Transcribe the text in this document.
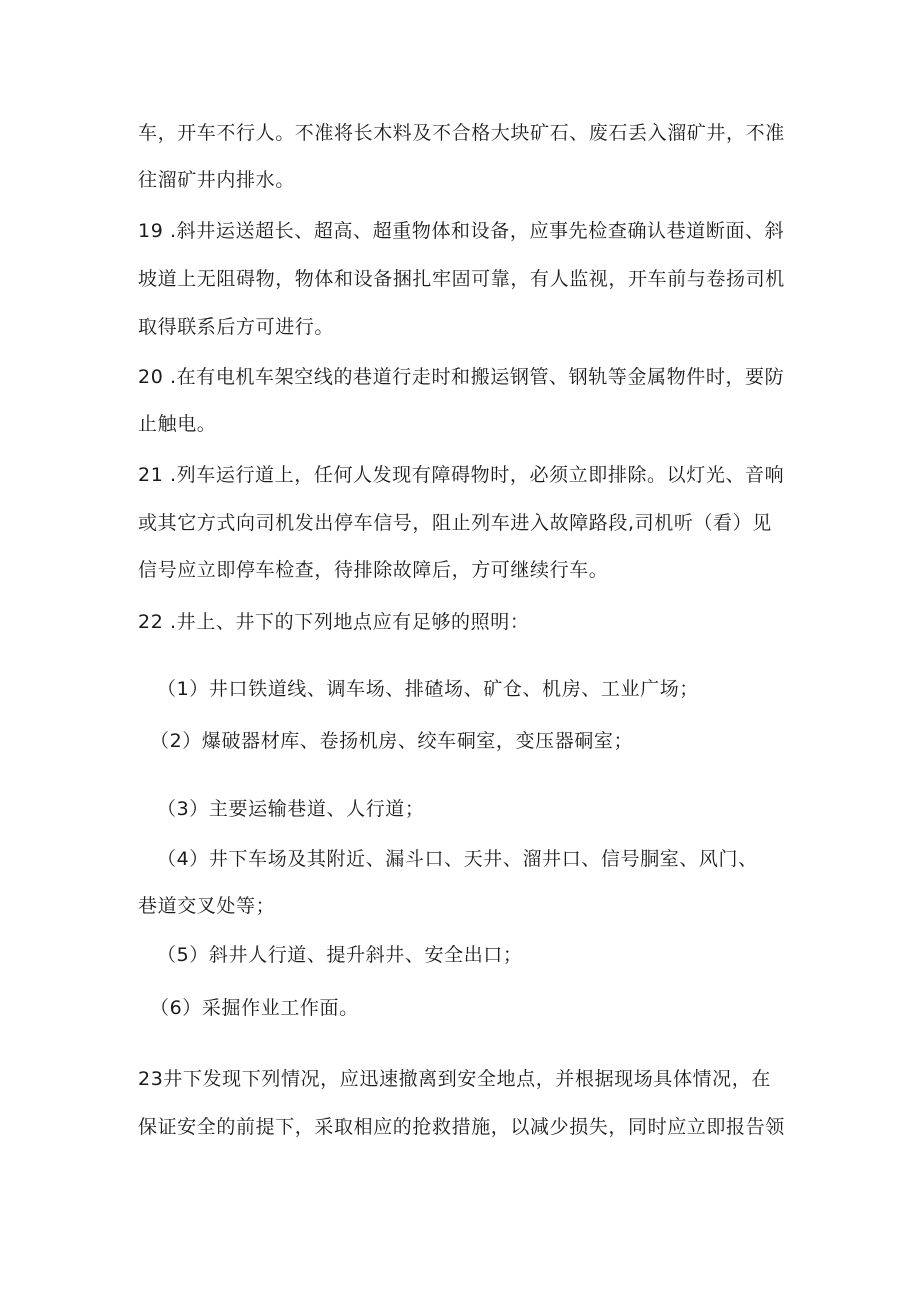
车，开车不行人。不准将长木料及不合格大块矿石、废石丢入溜矿井，不准
往溜矿井内排水。
19 .斜井运送超长、超高、超重物体和设备，应事先检查确认巷道断面、斜
坡道上无阻碍物，物体和设备捆扎牢固可靠，有人监视，开车前与卷扬司机
取得联系后方可进行。
20 .在有电机车架空线的巷道行走时和搬运钢管、钢轨等金属物件时，要防
止触电。
21 .列车运行道上，任何人发现有障碍物时，必须立即排除。以灯光、音响
或其它方式向司机发出停车信号，阻止列车进入故障路段,司机听（看）见
信号应立即停车检查，待排除故障后，方可继续行车。
22 .井上、井下的下列地点应有足够的照明：
（1）井口铁道线、调车场、排碴场、矿仓、机房、工业广场；
（2）爆破器材库、卷扬机房、绞车硐室，变压器硐室；
（3）主要运输巷道、人行道；
（4）井下车场及其附近、漏斗口、天井、溜井口、信号胴室、风门、
巷道交叉处等；
（5）斜井人行道、提升斜井、安全出口；
（6）采掘作业工作面。
23井下发现下列情况，应迅速撤离到安全地点，并根据现场具体情况，在
保证安全的前提下，采取相应的抢救措施，以减少损失，同时应立即报告领
